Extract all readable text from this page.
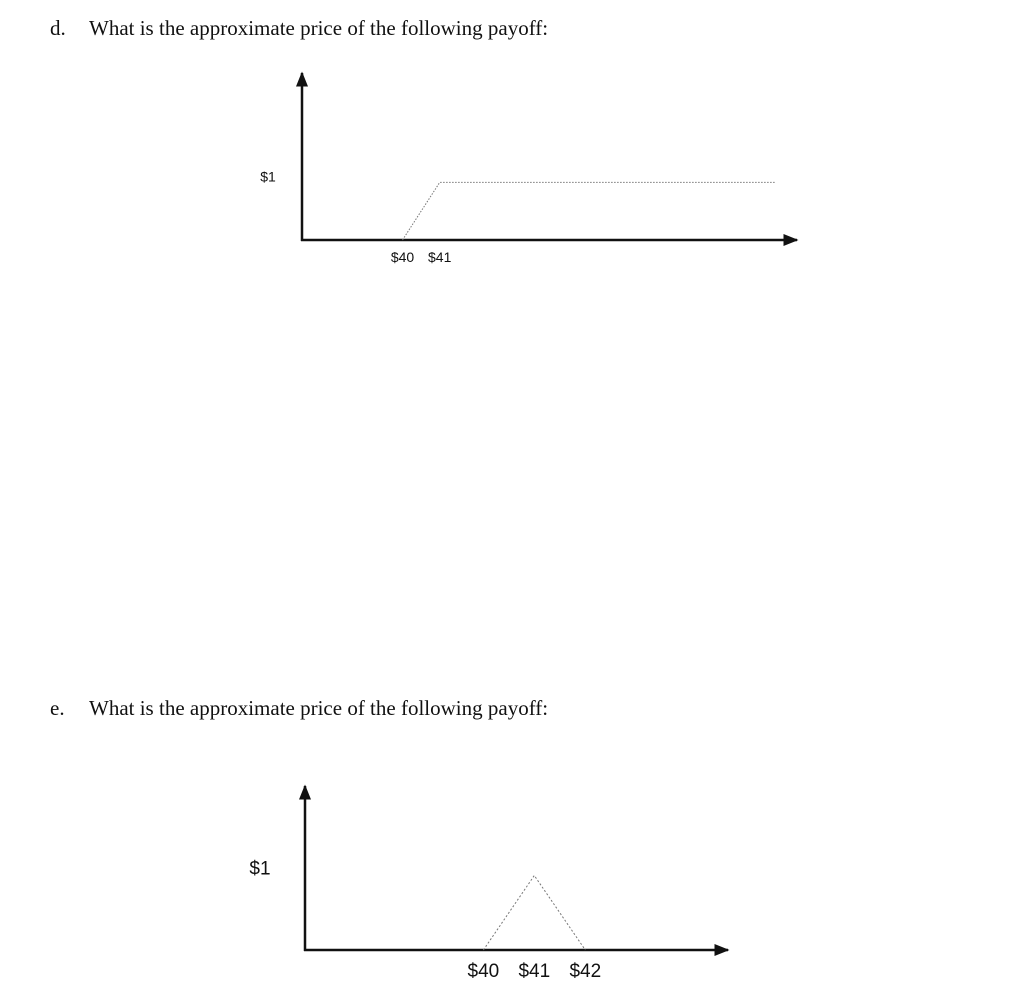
d. What is the approximate price of the following payoff:
$40 $41
$1
e. What is the approximate price of the following payoff:
$40 $41 $42
$1
